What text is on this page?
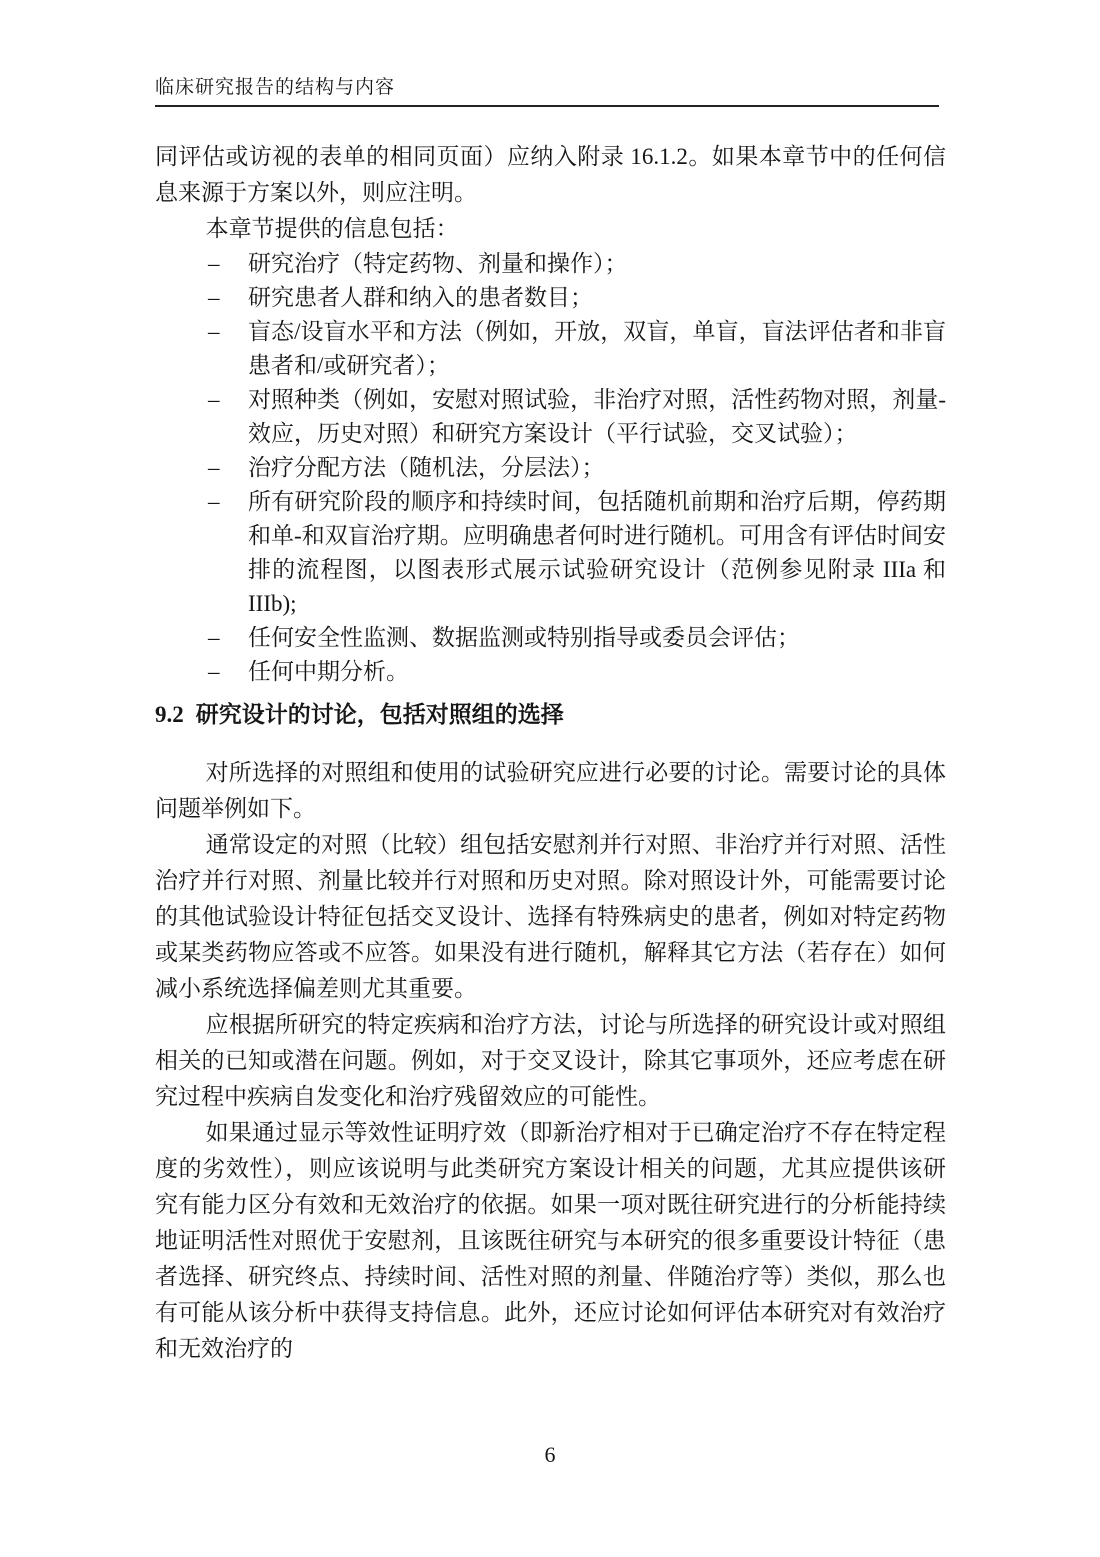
临床研究报告的结构与内容

同评估或访视的表单的相同页面）应纳入附录 16.1.2。如果本章节中的任何信息来源于方案以外，则应注明。

本章节提供的信息包括：

–	研究治疗（特定药物、剂量和操作）；
–	研究患者人群和纳入的患者数目；
–	盲态/设盲水平和方法（例如，开放，双盲，单盲，盲法评估者和非盲患者和/或研究者）；
–	对照种类（例如，安慰对照试验，非治疗对照，活性药物对照，剂量-效应，历史对照）和研究方案设计（平行试验，交叉试验）；
–	治疗分配方法（随机法，分层法）；
–	所有研究阶段的顺序和持续时间，包括随机前期和治疗后期，停药期和单-和双盲治疗期。应明确患者何时进行随机。可用含有评估时间安排的流程图，以图表形式展示试验研究设计（范例参见附录 IIIa 和 IIIb);
–	任何安全性监测、数据监测或特别指导或委员会评估；
–	任何中期分析。
9.2 研究设计的讨论，包括对照组的选择

对所选择的对照组和使用的试验研究应进行必要的讨论。需要讨论的具体问题举例如下。

通常设定的对照（比较）组包括安慰剂并行对照、非治疗并行对照、活性治疗并行对照、剂量比较并行对照和历史对照。除对照设计外，可能需要讨论的其他试验设计特征包括交叉设计、选择有特殊病史的患者，例如对特定药物或某类药物应答或不应答。如果没有进行随机，解释其它方法（若存在）如何减小系统选择偏差则尤其重要。

应根据所研究的特定疾病和治疗方法，讨论与所选择的研究设计或对照组相关的已知或潜在问题。例如，对于交叉设计，除其它事项外，还应考虑在研究过程中疾病自发变化和治疗残留效应的可能性。

如果通过显示等效性证明疗效（即新治疗相对于已确定治疗不存在特定程度的劣效性），则应该说明与此类研究方案设计相关的问题，尤其应提供该研究有能力区分有效和无效治疗的依据。如果一项对既往研究进行的分析能持续地证明活性对照优于安慰剂，且该既往研究与本研究的很多重要设计特征（患者选择、研究终点、持续时间、活性对照的剂量、伴随治疗等）类似，那么也有可能从该分析中获得支持信息。此外，还应讨论如何评估本研究对有效治疗和无效治疗的

6
